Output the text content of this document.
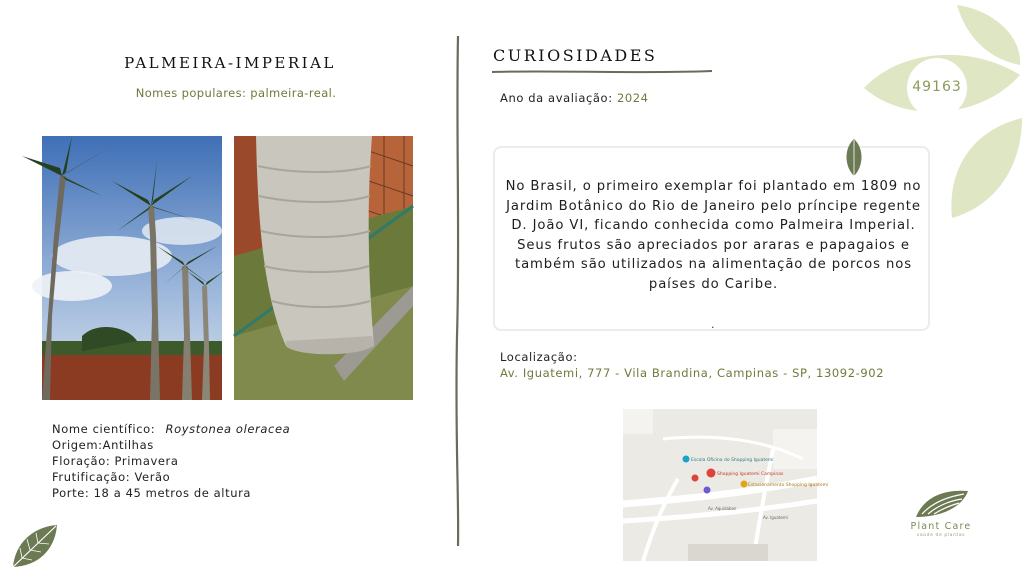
49163
PALMEIRA-IMPERIAL
Nomes populares: palmeira-real.
Nome científico: Roystonea oleracea
Origem:Antilhas
Floração: Primavera
Frutificação: Verão
Porte: 18 a 45 metros de altura
CURIOSIDADES
Ano da avaliação: 2024
No Brasil, o primeiro exemplar foi plantado em 1809 no Jardim Botânico do Rio de Janeiro pelo príncipe regente D. João VI, ficando conhecida como Palmeira Imperial. Seus frutos são apreciados por araras e papagaios e também são utilizados na alimentação de porcos nos países do Caribe.
.
Localização:
Av. Iguatemi, 777 - Vila Brandina, Campinas - SP, 13092-902
Escola Oficina do Shopping Iguatemi
Shopping Iguatemi Campinas
Estacionamento Shopping Iguatemi
Av. Aquidaban
Av. Iguatemi
Plant Care
saúde de plantas
